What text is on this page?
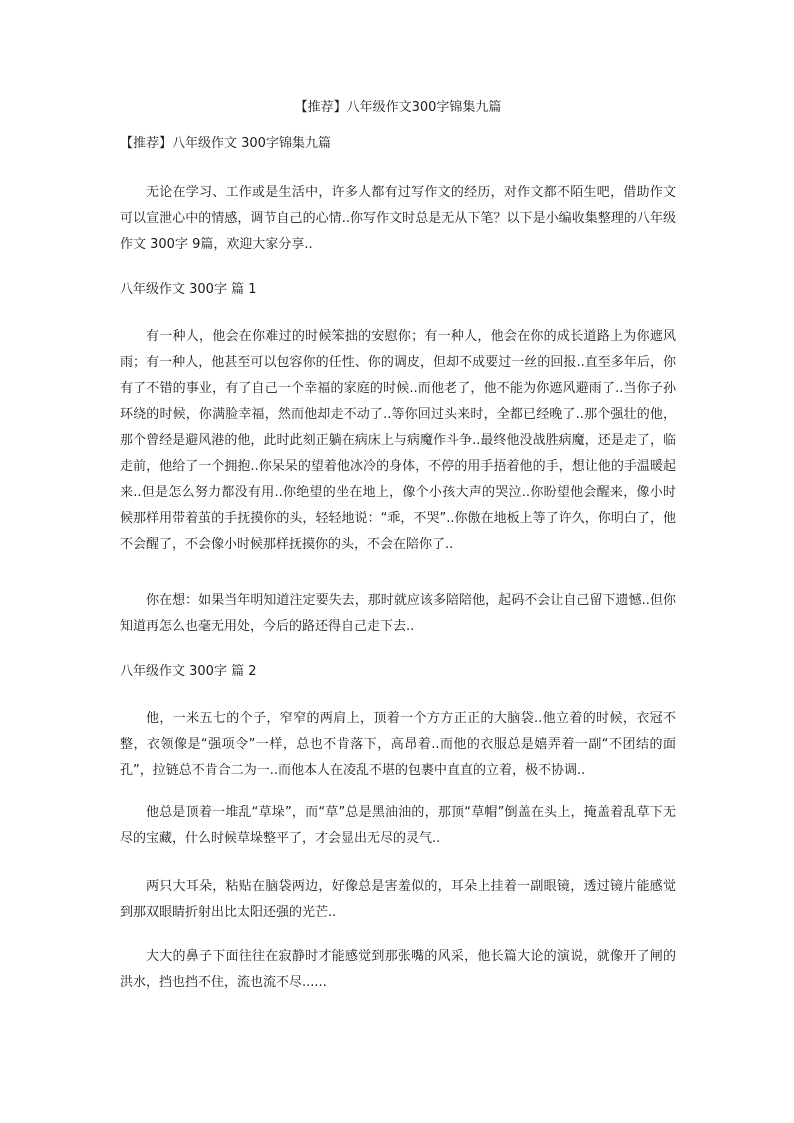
【推荐】八年级作文300字锦集九篇
【推荐】八年级作文 300字锦集九篇

无论在学习、工作或是生活中，许多人都有过写作文的经历，对作文都不陌生吧，借助作文可以宣泄心中的情感，调节自己的心情..你写作文时总是无从下笔？以下是小编收集整理的八年级作文 300字 9篇，欢迎大家分享..

八年级作文 300字 篇 1

有一种人，他会在你难过的时候笨拙的安慰你；有一种人，他会在你的成长道路上为你遮风雨；有一种人，他甚至可以包容你的任性、你的调皮，但却不成要过一丝的回报..直至多年后，你有了不错的事业，有了自己一个幸福的家庭的时候..而他老了，他不能为你遮风避雨了..当你子孙环绕的时候，你满脸幸福，然而他却走不动了..等你回过头来时，全都已经晚了..那个强壮的他，那个曾经是避风港的他，此时此刻正躺在病床上与病魔作斗争..最终他没战胜病魔，还是走了，临走前，他给了一个拥抱..你呆呆的望着他冰冷的身体，不停的用手捂着他的手，想让他的手温暖起来..但是怎么努力都没有用..你绝望的坐在地上，像个小孩大声的哭泣..你盼望他会醒来，像小时候那样用带着茧的手抚摸你的头，轻轻地说：“乖，不哭”..你傲在地板上等了许久，你明白了，他不会醒了，不会像小时候那样抚摸你的头，不会在陪你了..

你在想：如果当年明知道注定要失去，那时就应该多陪陪他，起码不会让自己留下遗憾..但你知道再怎么也毫无用处，今后的路还得自己走下去..

八年级作文 300字 篇 2

他，一米五七的个子，窄窄的两肩上，顶着一个方方正正的大脑袋..他立着的时候，衣冠不整，衣领像是“强项令”一样，总也不肯落下，高昂着..而他的衣服总是嬉弄着一副“不团结的面孔”，拉链总不肯合二为一..而他本人在凌乱不堪的包裹中直直的立着，极不协调..

他总是顶着一堆乱“草垛”，而“草”总是黑油油的，那顶“草帽”倒盖在头上，掩盖着乱草下无尽的宝藏，什么时候草垛整平了，才会显出无尽的灵气..

两只大耳朵，粘贴在脑袋两边，好像总是害羞似的，耳朵上挂着一副眼镜，透过镜片能感觉到那双眼睛折射出比太阳还强的光芒..

大大的鼻子下面往往在寂静时才能感觉到那张嘴的风采，他长篇大论的演说，就像开了闸的洪水，挡也挡不住，流也流不尽......
